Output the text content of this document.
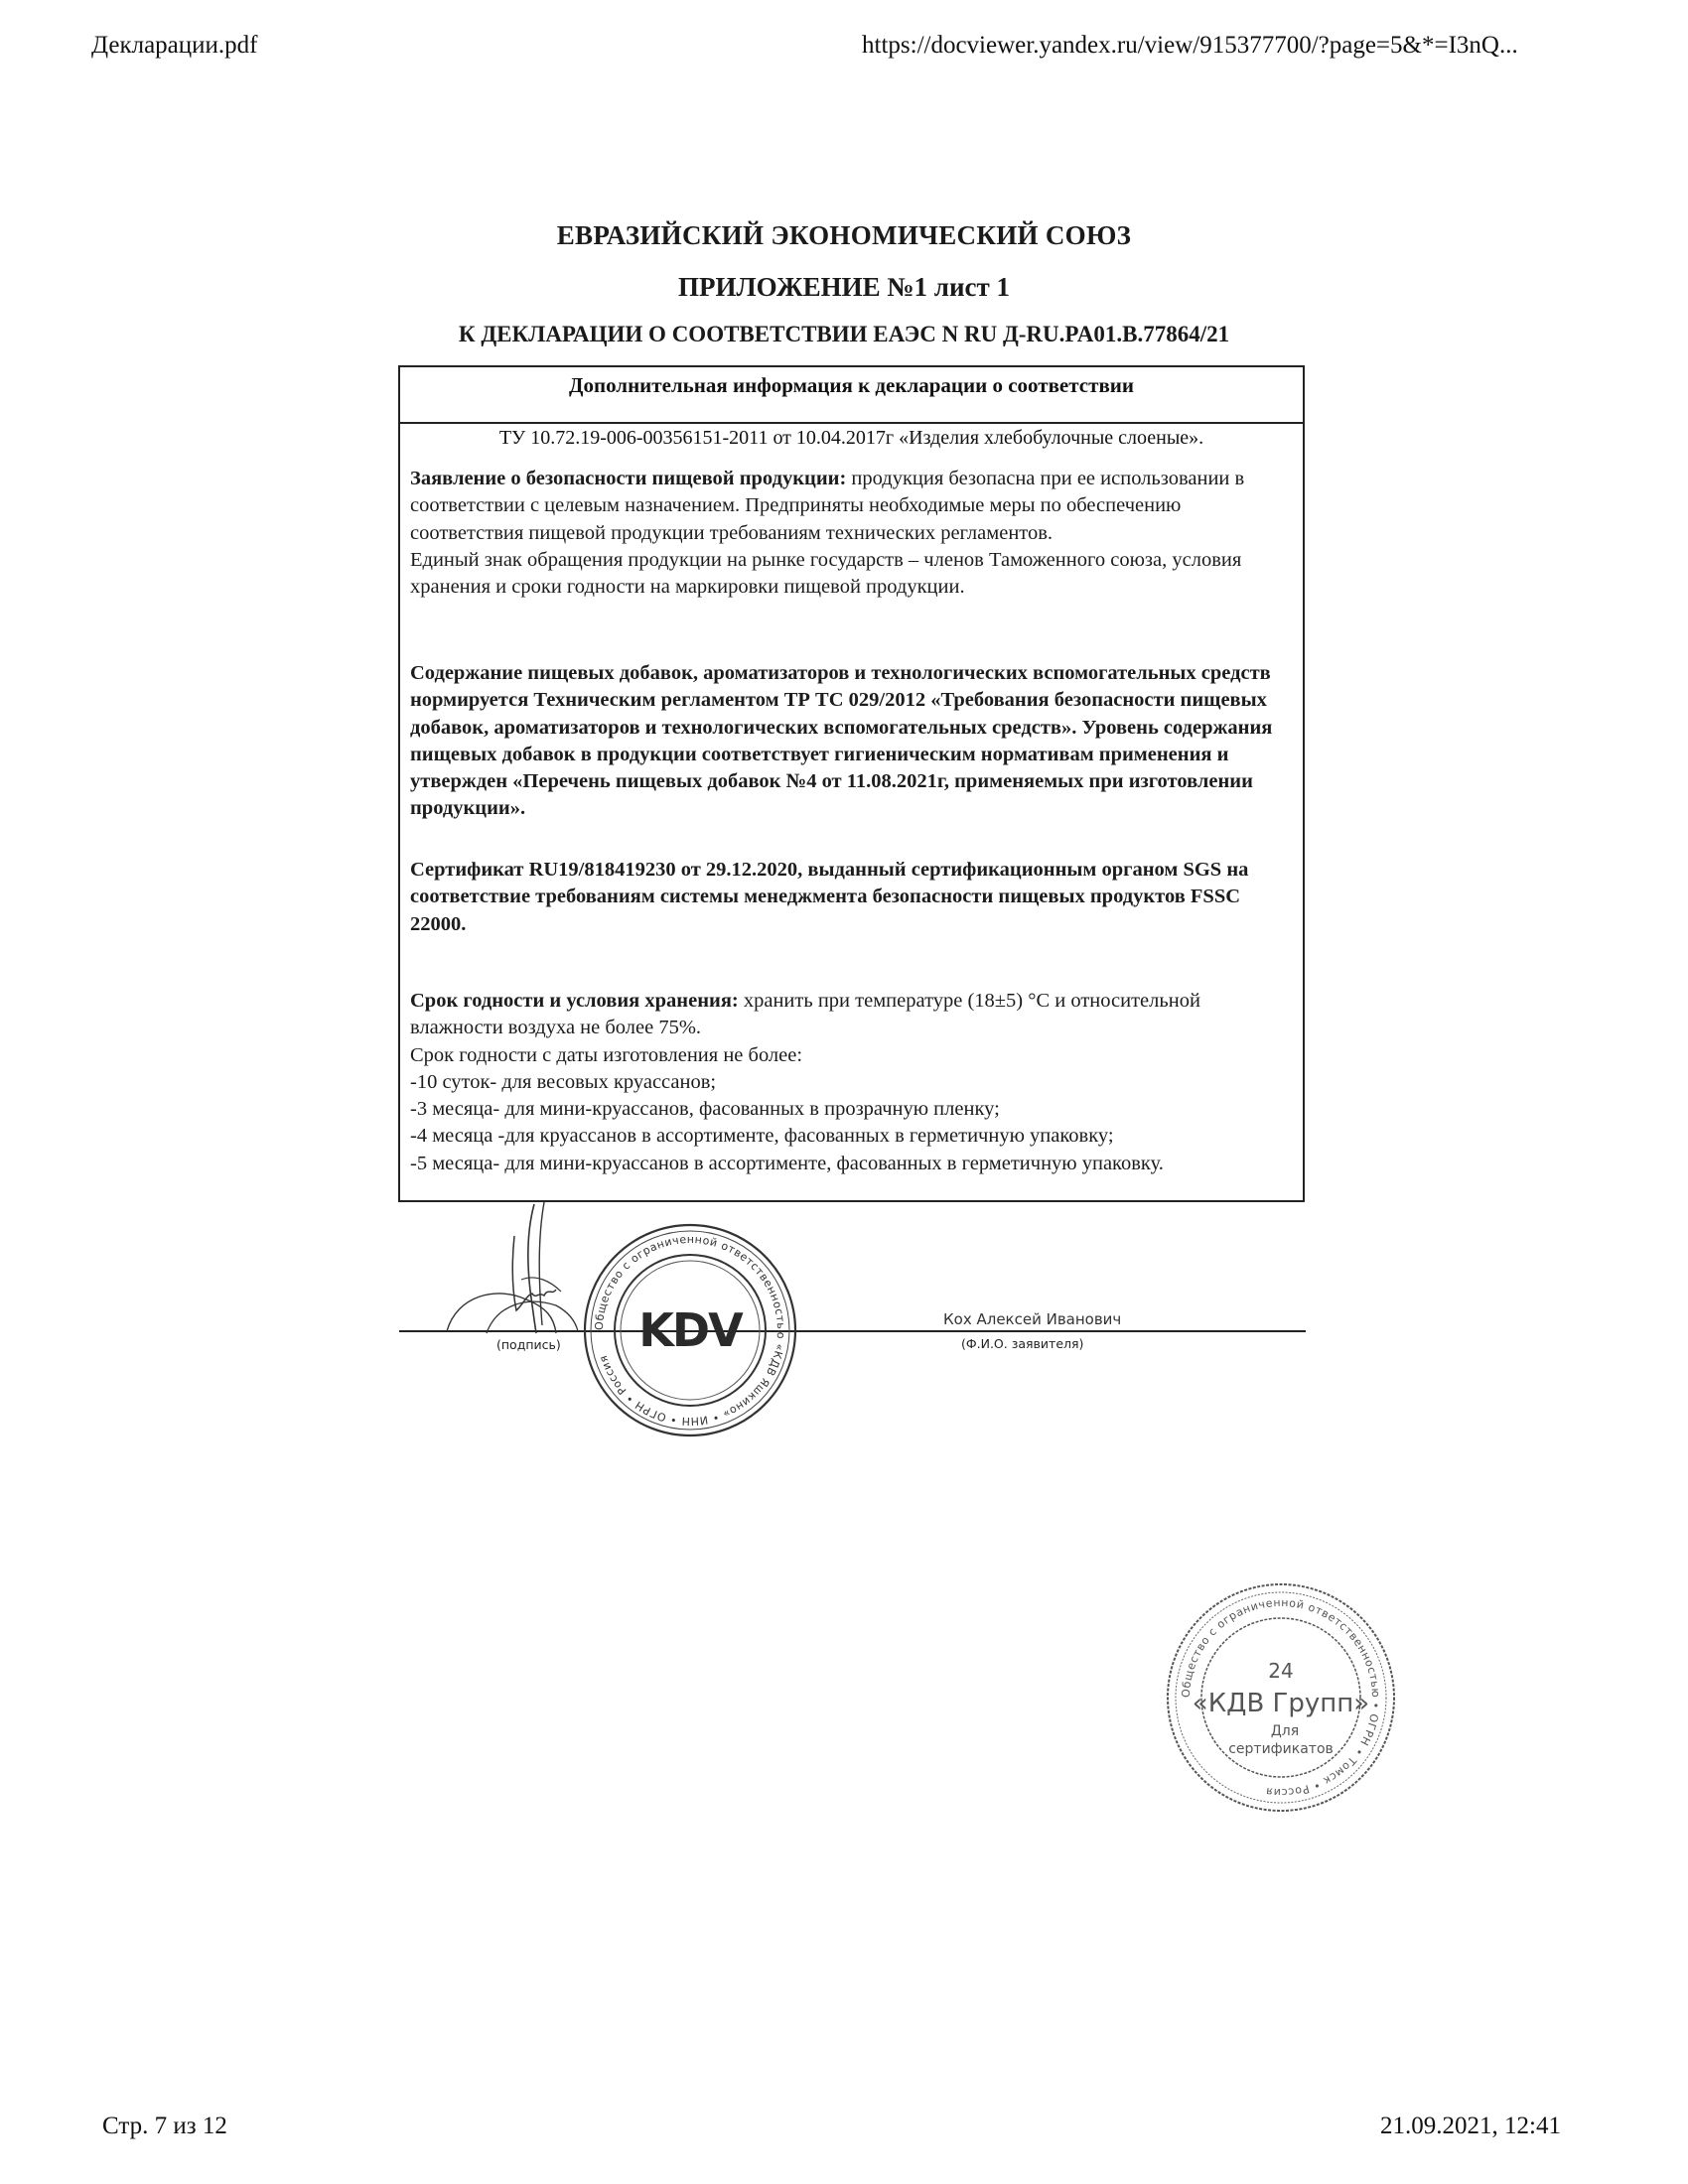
Декларации.pdf	https://docviewer.yandex.ru/view/915377700/?page=5&*=I3nQ...
ЕВРАЗИЙСКИЙ ЭКОНОМИЧЕСКИЙ СОЮЗ
ПРИЛОЖЕНИЕ №1 лист 1
К ДЕКЛАРАЦИИ О СООТВЕТСТВИИ ЕАЭС N RU Д-RU.PA01.B.77864/21
Дополнительная информация к декларации о соответствии
ТУ 10.72.19-006-00356151-2011 от 10.04.2017г «Изделия хлебобулочные слоеные».
Заявление о безопасности пищевой продукции: продукция безопасна при ее использовании в соответствии с целевым назначением. Предприняты необходимые меры по обеспечению соответствия пищевой продукции требованиям технических регламентов.
Единый знак обращения продукции на рынке государств – членов Таможенного союза, условия хранения и сроки годности на маркировки пищевой продукции.
Содержание пищевых добавок, ароматизаторов и технологических вспомогательных средств нормируется Техническим регламентом ТР ТС 029/2012 «Требования безопасности пищевых добавок, ароматизаторов и технологических вспомогательных средств». Уровень содержания пищевых добавок в продукции соответствует гигиеническим нормативам применения и утвержден «Перечень пищевых добавок №4 от 11.08.2021г, применяемых при изготовлении продукции».
Сертификат RU19/818419230 от 29.12.2020, выданный сертификационным органом SGS на соответствие требованиям системы менеджмента безопасности пищевых продуктов FSSC 22000.
Срок годности и условия хранения: хранить при температуре (18±5) °С и относительной влажности воздуха не более 75%.
Срок годности с даты изготовления не более:
-10 суток- для весовых круассанов;
-3 месяца- для мини-круассанов, фасованных в прозрачную пленку;
-4 месяца -для круассанов в ассортименте, фасованных в герметичную упаковку;
-5 месяца- для мини-круассанов в ассортименте, фасованных в герметичную упаковку.
(подпись)
Кох Алексей Иванович
(Ф.И.О. заявителя)
Общество с ограниченной ответственностью «КДВ Яшкино» • ИНН • ОГРН • Россия
KDV
Общество с ограниченной ответственностью • ОГРН • Томск • Россия
24
«КДВ Групп»
Для
сертификатов
Стр. 7 из 12	21.09.2021, 12:41
